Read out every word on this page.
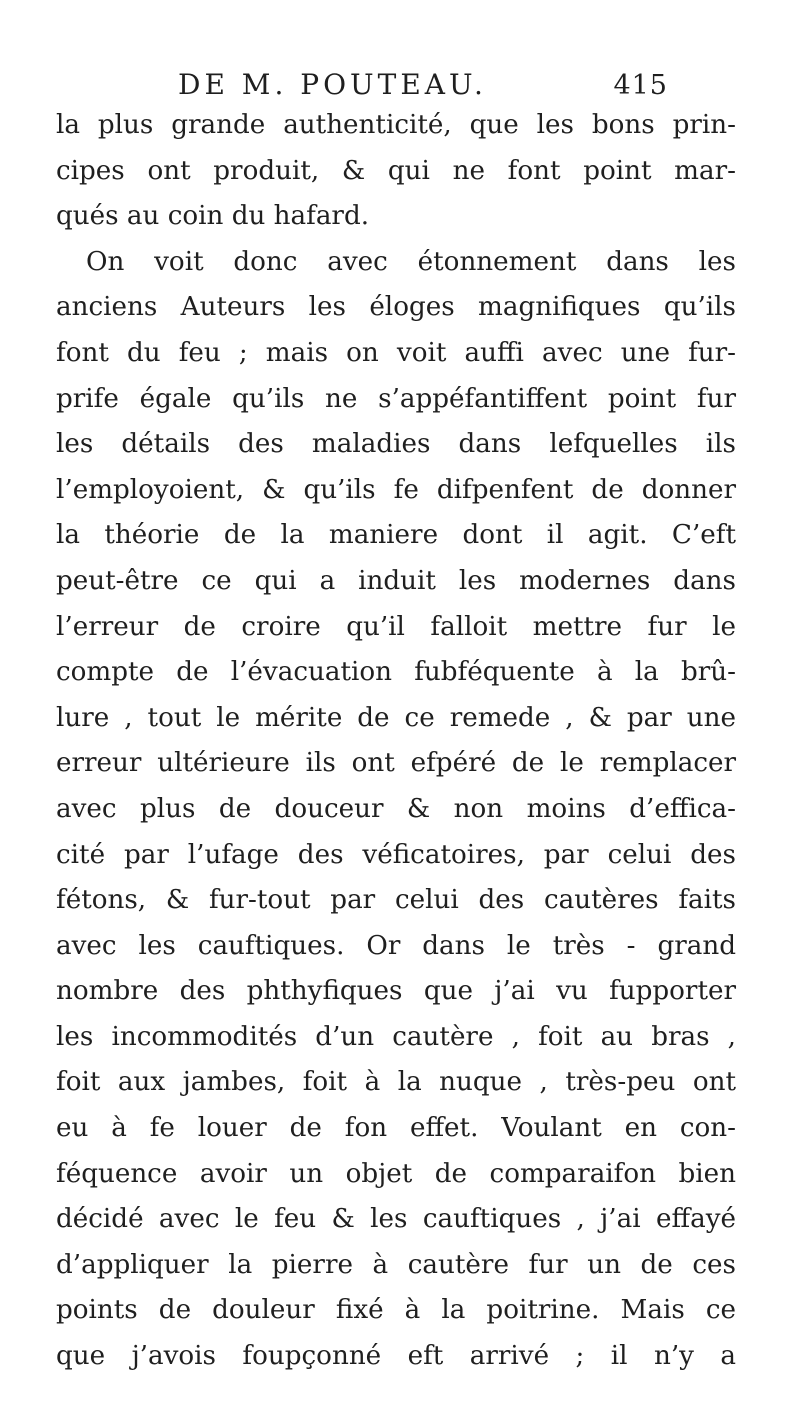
DE M. POUTEAU.	415
la plus grande authenticité, que les bons prin-
cipes ont produit, & qui ne font point mar-
qués au coin du hafard.
On voit donc avec étonnement dans les
anciens Auteurs les éloges magnifiques qu’ils
font du feu ; mais on voit auffi avec une fur-
prife égale qu’ils ne s’appéfantiffent point fur
les détails des maladies dans lefquelles ils
l’employoient, & qu’ils fe difpenfent de donner
la théorie de la maniere dont il agit. C’eft
peut-être ce qui a induit les modernes dans
l’erreur de croire qu’il falloit mettre fur le
compte de l’évacuation fubféquente à la brû-
lure , tout le mérite de ce remede , & par une
erreur ultérieure ils ont efpéré de le remplacer
avec plus de douceur & non moins d’effica-
cité par l’ufage des véficatoires, par celui des
fétons, & fur-tout par celui des cautères faits
avec les cauftiques. Or dans le très - grand
nombre des phthyfiques que j’ai vu fupporter
les incommodités d’un cautère , foit au bras ,
foit aux jambes, foit à la nuque , très-peu ont
eu à fe louer de fon effet. Voulant en con-
féquence avoir un objet de comparaifon bien
décidé avec le feu & les cauftiques , j’ai effayé
d’appliquer la pierre à cautère fur un de ces
points de douleur fixé à la poitrine. Mais ce
que j’avois foupçonné eft arrivé ; il n’y a
